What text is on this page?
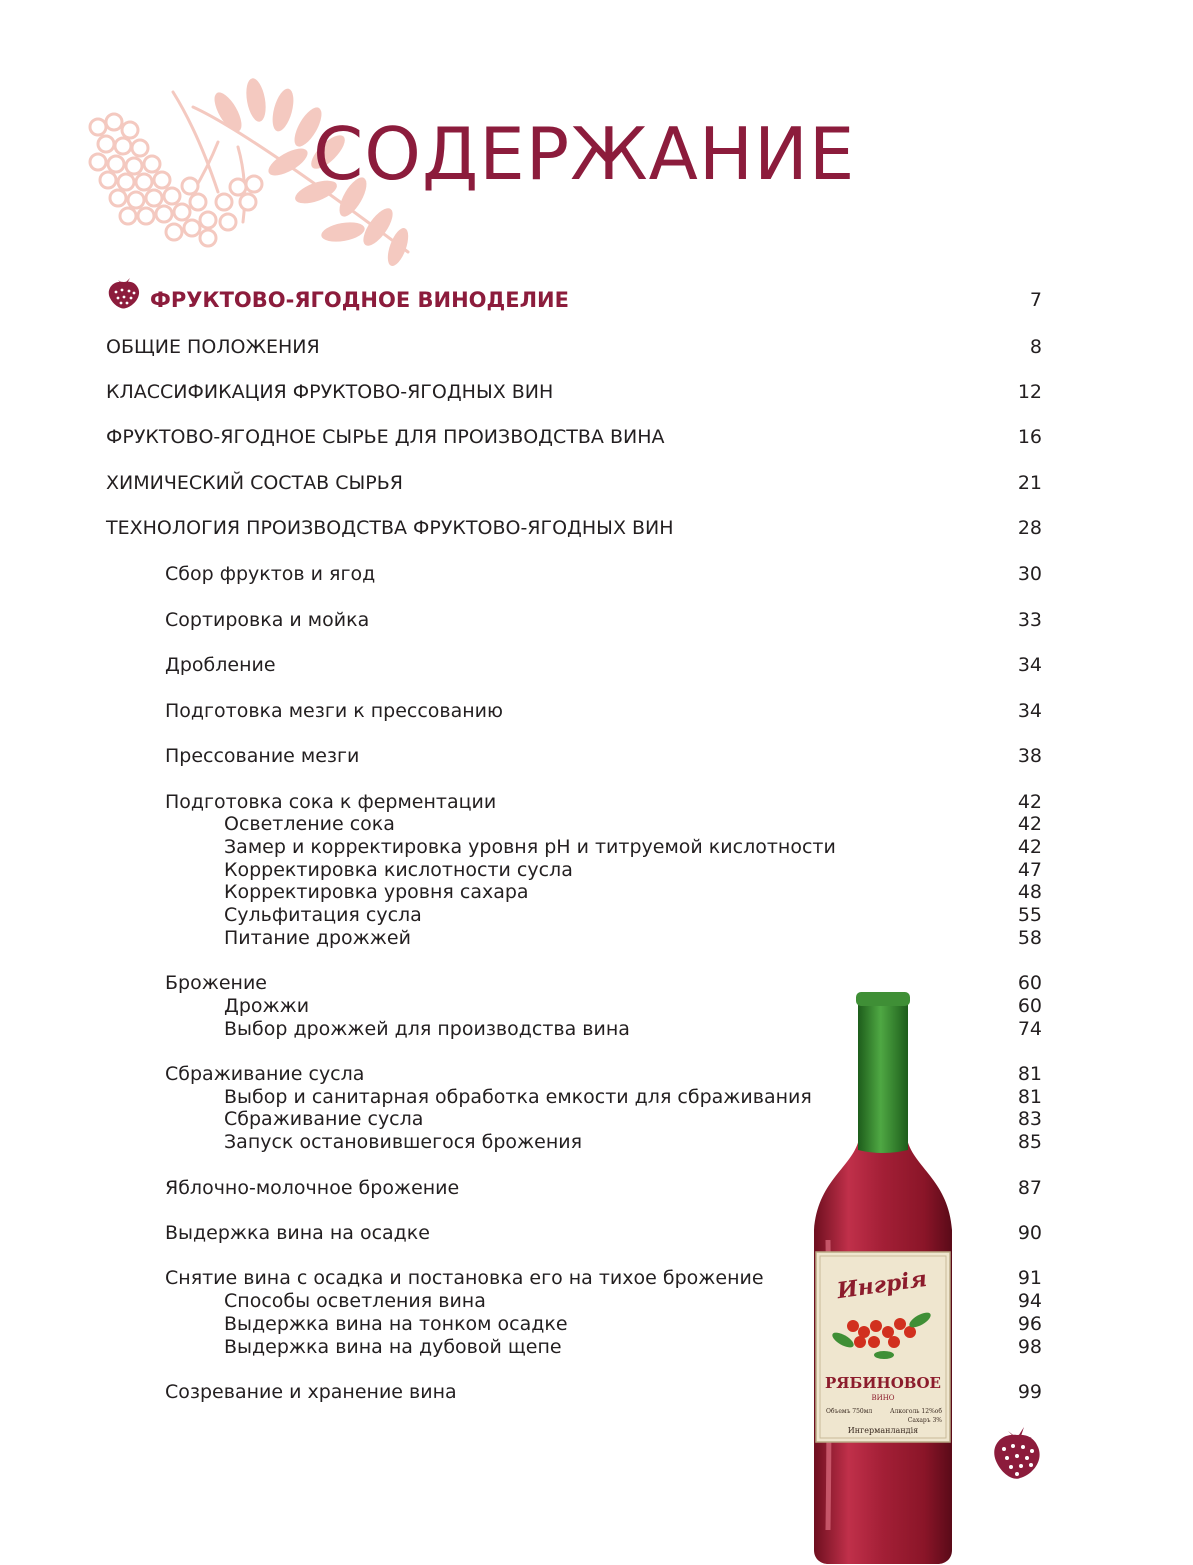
СОДЕРЖАНИЕ
ФРУКТОВО-ЯГОДНОЕ ВИНОДЕЛИЕ	7
ОБЩИЕ ПОЛОЖЕНИЯ	8
КЛАССИФИКАЦИЯ ФРУКТОВО-ЯГОДНЫХ ВИН	12
ФРУКТОВО-ЯГОДНОЕ СЫРЬЕ ДЛЯ ПРОИЗВОДСТВА ВИНА	16
ХИМИЧЕСКИЙ СОСТАВ СЫРЬЯ	21
ТЕХНОЛОГИЯ ПРОИЗВОДСТВА ФРУКТОВО-ЯГОДНЫХ ВИН	28
Сбор фруктов и ягод	30
Сортировка и мойка	33
Дробление	34
Подготовка мезги к прессованию	34
Прессование мезги	38
Подготовка сока к ферментации	42
Осветление сока	42
Замер и корректировка уровня pH и титруемой кислотности	42
Корректировка кислотности сусла	47
Корректировка уровня сахара	48
Сульфитация сусла	55
Питание дрожжей	58
Брожение	60
Дрожжи	60
Выбор дрожжей для производства вина	74
Сбраживание сусла	81
Выбор и санитарная обработка емкости для сбраживания	81
Сбраживание сусла	83
Запуск остановившегося брожения	85
Яблочно-молочное брожение	87
Выдержка вина на осадке	90
Снятие вина с осадка и постановка его на тихое брожение	91
Способы осветления вина	94
Выдержка вина на тонком осадке	96
Выдержка вина на дубовой щепе	98
Созревание и хранение вина	99
Ингрія
РЯБИНОВОЕ
ВИНО
Объемъ 750мл	Алкоголь 12%об
Сахаръ 3%
Ингерманландія
